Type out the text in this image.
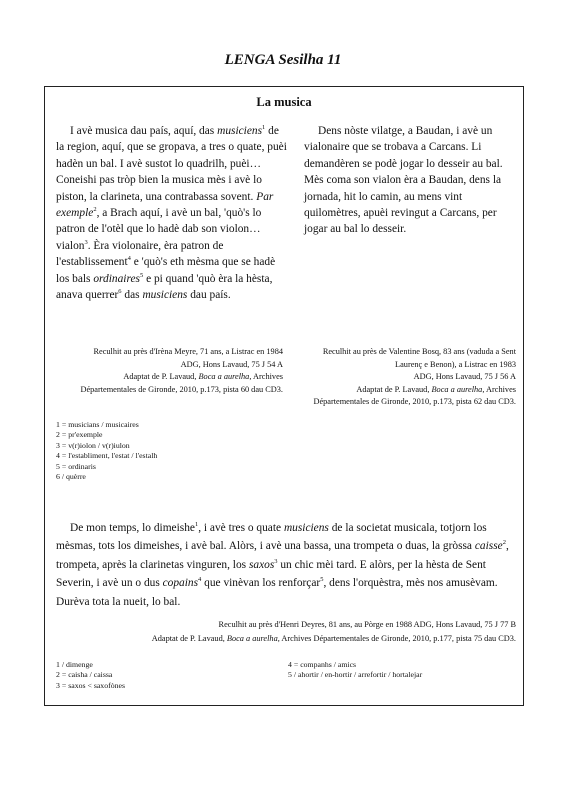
LENGA Sesilha 11
La musica

I avè musica dau país, aquí, das musiciens$^1$ de la region, aquí, que se gropava, a tres o quate, puèi hadèn un bal. I avè sustot lo quadrilh, puèi… Coneishi pas tròp bien la musica mès i avè lo piston, la clarineta, una contrabassa sovent. Par exemple$^2$, a Brach aquí, i avè un bal, 'quò's lo patron de l'otèl que lo hadè dab son violon… vialon$^3$. Èra violonaire, èra patron de l'establissement$^4$ e 'quò's eth mèsma que se hadè los bals ordinaires$^5$ e pi quand 'quò èra la hèsta, anava querrer$^6$ das musiciens dau país.

Dens nòste vilatge, a Baudan, i avè un vialonaire que se trobava a Carcans. Li demandèren se podè jogar lo desseir au bal. Mès coma son vialon èra a Baudan, dens la jornada, hit lo camin, au mens vint quilomètres, apuèi revingut a Carcans, per jogar au bal lo desseir.

Reculhit au près d'Irèna Meyre, 71 ans, a Listrac en 1984
ADG, Hons Lavaud, 75 J 54 A
Adaptat de P. Lavaud, Boca a aurelha, Archives
Départementales de Gironde, 2010, p.173, pista 60 dau CD3.
Reculhit au près de Valentine Bosq, 83 ans (vaduda a Sent
Laurenç e Benon), a Listrac en 1983
ADG, Hons Lavaud, 75 J 56 A
Adaptat de P. Lavaud, Boca a aurelha, Archives
Départementales de Gironde, 2010, p.173, pista 62 dau CD3.
1 = musicians / musicaires
2 = pr'exemple
3 = v(r)iolon / v(r)iulon
4 = l'establiment, l'estat / l'estalh
5 = ordinaris
6 / quèrre

De mon temps, lo dimeishe$^1$, i avè tres o quate musiciens de la societat musicala, totjorn los mèsmas, tots los dimeishes, i avè bal. Alòrs, i avè una bassa, una trompeta o duas, la gròssa caisse$^2$, trompeta, après la clarinetas vinguren, los saxos$^3$ un chic mèi tard. E alòrs, per la hèsta de Sent Severin, i avè un o dus copains$^4$ que vinèvan los renforçar$^5$, dens l'orquèstra, mès nos amusèvam. Durèva tota la nueit, lo bal.

Reculhit au près d'Henri Deyres, 81 ans, au Pòrge en 1988 ADG, Hons Lavaud, 75 J 77 B
Adaptat de P. Lavaud, Boca a aurelha, Archives Départementales de Gironde, 2010, p.177, pista 75 dau CD3.
1 / dimenge
2 = caisha / caissa
3 = saxos < saxofònes
4 = companhs / amics
5 / ahortir / en-hortir / arrefortir / hortalejar
